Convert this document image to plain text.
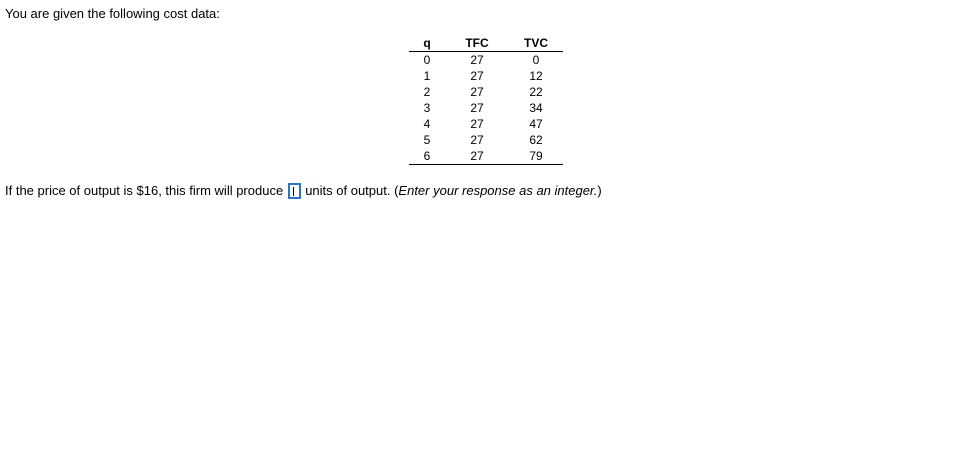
You are given the following cost data:
q	TFC	TVC
0	27	0
1	27	12
2	27	22
3	27	34
4	27	47
5	27	62
6	27	79
If the price of output is $16, this firm will produce units of output. ( Enter your response as an integer. )
